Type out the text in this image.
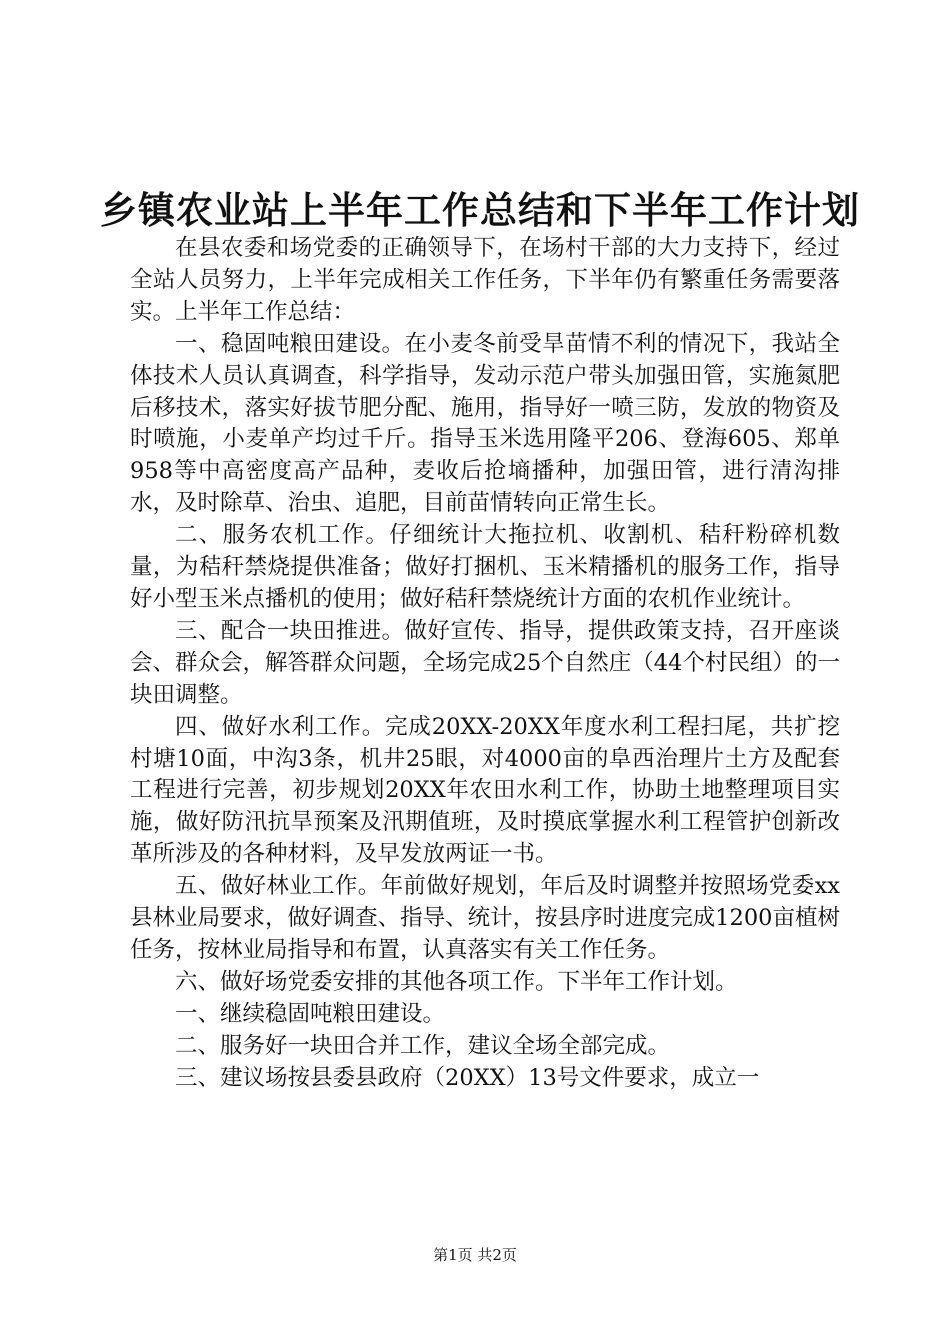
乡镇农业站上半年工作总结和下半年工作计划

在县农委和场党委的正确领导下，在场村干部的大力支持下，经过全站人员努力，上半年完成相关工作任务，下半年仍有繁重任务需要落实。上半年工作总结：

一、稳固吨粮田建设。在小麦冬前受旱苗情不利的情况下，我站全体技术人员认真调查，科学指导，发动示范户带头加强田管，实施氮肥后移技术，落实好拔节肥分配、施用，指导好一喷三防，发放的物资及时喷施，小麦单产均过千斤。指导玉米选用隆平206、登海605、郑单958等中高密度高产品种，麦收后抢墒播种，加强田管，进行清沟排水，及时除草、治虫、追肥，目前苗情转向正常生长。

二、服务农机工作。仔细统计大拖拉机、收割机、秸秆粉碎机数量，为秸秆禁烧提供准备；做好打捆机、玉米精播机的服务工作，指导好小型玉米点播机的使用；做好秸秆禁烧统计方面的农机作业统计。

三、配合一块田推进。做好宣传、指导，提供政策支持，召开座谈会、群众会，解答群众问题，全场完成25个自然庄（44个村民组）的一块田调整。

四、做好水利工作。完成20XX-20XX年度水利工程扫尾，共扩挖村塘10面，中沟3条，机井25眼，对4000亩的阜西治理片土方及配套工程进行完善，初步规划20XX年农田水利工作，协助土地整理项目实施，做好防汛抗旱预案及汛期值班，及时摸底掌握水利工程管护创新改革所涉及的各种材料，及早发放两证一书。

五、做好林业工作。年前做好规划，年后及时调整并按照场党委xx县林业局要求，做好调查、指导、统计，按县序时进度完成1200亩植树任务，按林业局指导和布置，认真落实有关工作任务。

六、做好场党委安排的其他各项工作。下半年工作计划。

一、继续稳固吨粮田建设。

二、服务好一块田合并工作，建议全场全部完成。

三、建议场按县委县政府（20XX）13号文件要求，成立一

第1页 共2页
